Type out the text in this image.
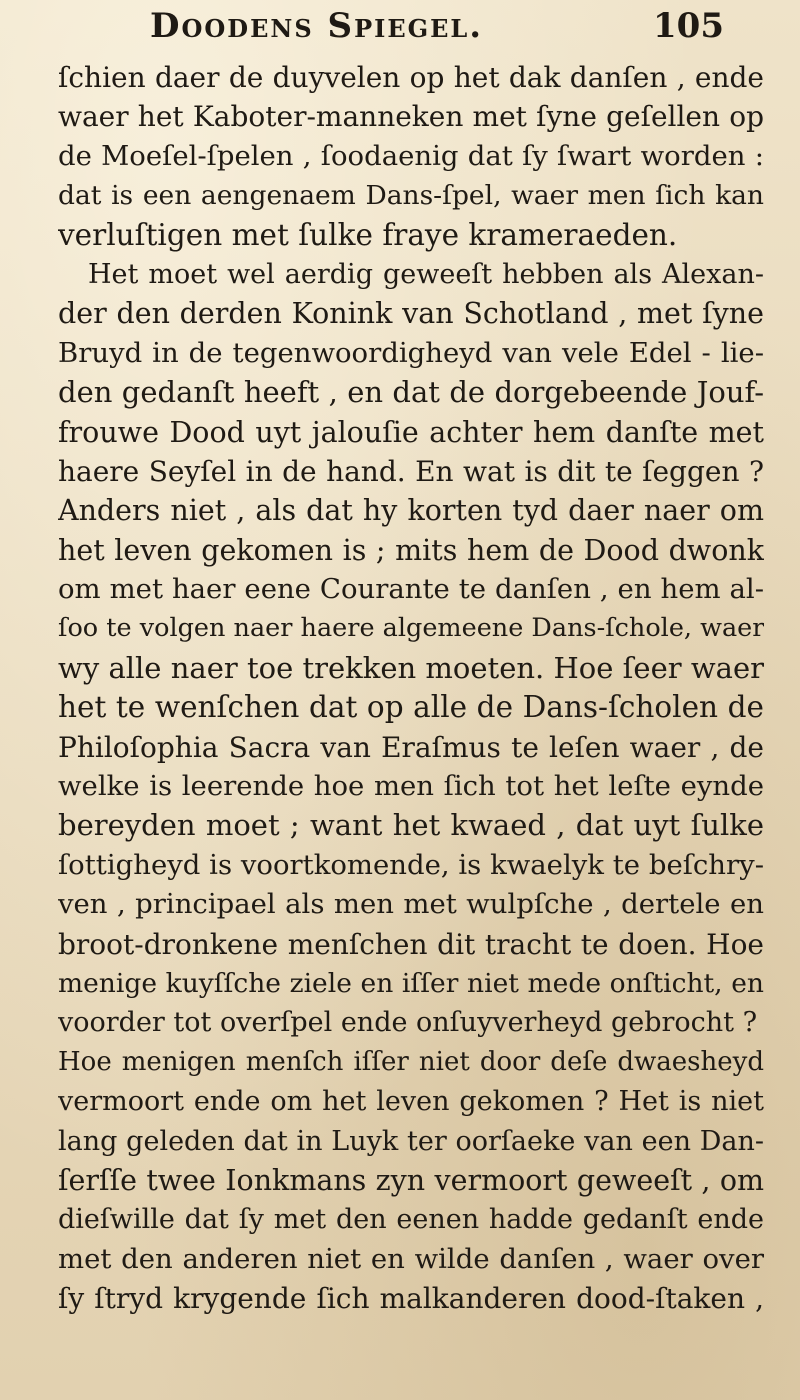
Doodens Spiegel.	105
ſchien daer de duyvelen op het dak danſen , ende
waer het Kaboter-manneken met ſyne geſellen op
de Moeſel-ſpelen , ſoodaenig dat ſy ſwart worden :
dat is een aengenaem Dans-ſpel, waer men ſich kan
verluſtigen met ſulke fraye krameraeden.
Het moet wel aerdig geweeſt hebben als Alexan-
der den derden Konink van Schotland , met ſyne
Bruyd in de tegenwoordigheyd van vele Edel - lie-
den gedanſt heeft , en dat de dorgebeende Jouf-
frouwe Dood uyt jalouſie achter hem danſte met
haere Seyſel in de hand. En wat is dit te ſeggen ?
Anders niet , als dat hy korten tyd daer naer om
het leven gekomen is ; mits hem de Dood dwonk
om met haer eene Courante te danſen , en hem al-
ſoo te volgen naer haere algemeene Dans-ſchole, waer
wy alle naer toe trekken moeten. Hoe ſeer waer
het te wenſchen dat op alle de Dans-ſcholen de
Philoſophia Sacra van Eraſmus te leſen waer , de
welke is leerende hoe men ſich tot het leſte eynde
bereyden moet ; want het kwaed , dat uyt ſulke
ſottigheyd is voortkomende, is kwaelyk te beſchry-
ven , principael als men met wulpſche , dertele en
broot-dronkene menſchen dit tracht te doen. Hoe
menige kuyſſche ziele en iſſer niet mede onſticht, en
voorder tot overſpel ende onſuyverheyd gebrocht ?
Hoe menigen menſch iſſer niet door deſe dwaesheyd
vermoort ende om het leven gekomen ? Het is niet
lang geleden dat in Luyk ter oorſaeke van een Dan-
ſerſſe twee Ionkmans zyn vermoort geweeſt , om
dieſwille dat ſy met den eenen hadde gedanſt ende
met den anderen niet en wilde danſen , waer over
ſy ſtryd krygende ſich malkanderen dood-ſtaken ,
